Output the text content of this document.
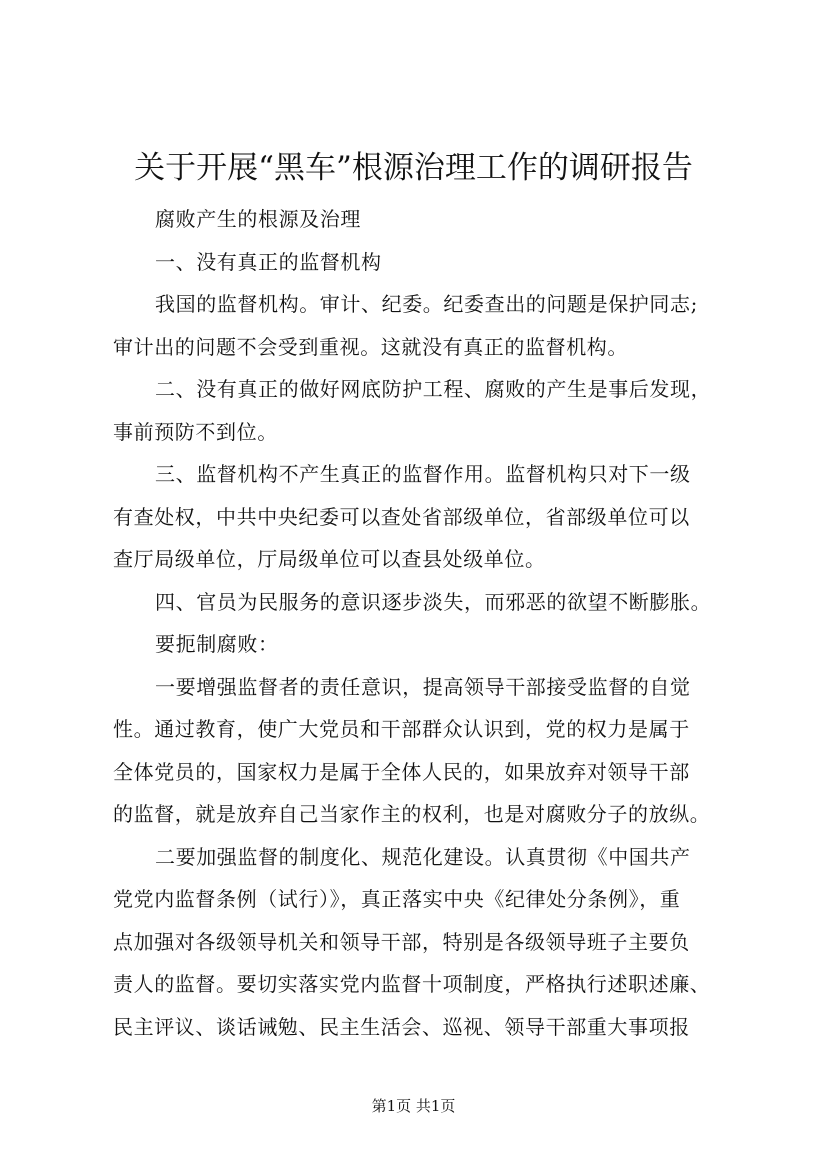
关于开展“黑车”根源治理工作的调研报告

腐败产生的根源及治理

一、没有真正的监督机构

我国的监督机构。审计、纪委。纪委查出的问题是保护同志;
审计出的问题不会受到重视。这就没有真正的监督机构。

二、没有真正的做好网底防护工程、腐败的产生是事后发现，
事前预防不到位。

三、监督机构不产生真正的监督作用。监督机构只对下一级
有查处权，中共中央纪委可以查处省部级单位，省部级单位可以
查厅局级单位，厅局级单位可以查县处级单位。

四、官员为民服务的意识逐步淡失，而邪恶的欲望不断膨胀。

要扼制腐败：

一要增强监督者的责任意识，提高领导干部接受监督的自觉
性。通过教育，使广大党员和干部群众认识到，党的权力是属于
全体党员的，国家权力是属于全体人民的，如果放弃对领导干部
的监督，就是放弃自己当家作主的权利，也是对腐败分子的放纵。

二要加强监督的制度化、规范化建设。认真贯彻《中国共产
党党内监督条例（试行）》，真正落实中央《纪律处分条例》，重
点加强对各级领导机关和领导干部，特别是各级领导班子主要负
责人的监督。要切实落实党内监督十项制度，严格执行述职述廉、
民主评议、谈话诫勉、民主生活会、巡视、领导干部重大事项报

第1页 共1页
